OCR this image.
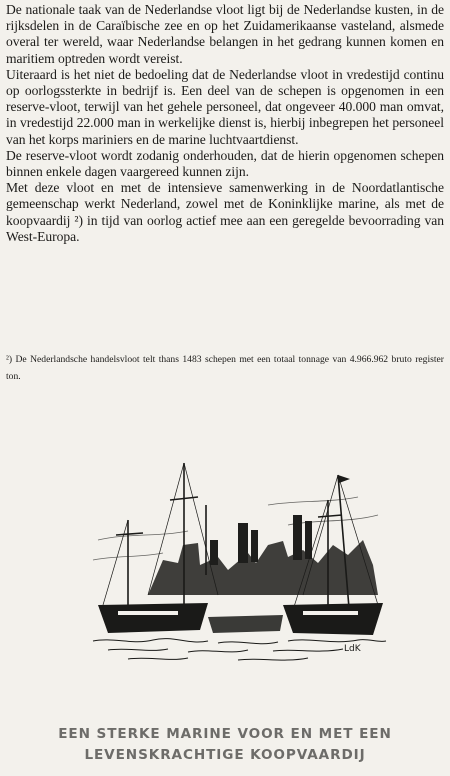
De nationale taak van de Nederlandse vloot ligt bij de Nederlandse kusten, in de rijksdelen in de Caraïbische zee en op het Zuidamerikaanse vasteland, alsmede overal ter wereld, waar Nederlandse belangen in het gedrang kunnen komen en maritiem optreden wordt vereist.

Uiteraard is het niet de bedoeling dat de Nederlandse vloot in vredestijd continu op oorlogssterkte in bedrijf is. Een deel van de schepen is opgenomen in een reserve-vloot, terwijl van het gehele personeel, dat ongeveer 40.000 man omvat, in vredestijd 22.000 man in werkelijke dienst is, hierbij inbegrepen het personeel van het korps mariniers en de marine luchtvaartdienst.

De reserve-vloot wordt zodanig onderhouden, dat de hierin opgenomen schepen binnen enkele dagen vaargereed kunnen zijn.

Met deze vloot en met de intensieve samenwerking in de Noordatlantische gemeenschap werkt Nederland, zowel met de Koninklijke marine, als met de koopvaardij ²) in tijd van oorlog actief mee aan een geregelde bevoorrading van West-Europa.

²) De Nederlandsche handelsvloot telt thans 1483 schepen met een totaal tonnage van 4.966.962 bruto register ton.
LdK
EEN STERKE MARINE VOOR EN MET EEN
LEVENSKRACHTIGE KOOPVAARDIJ
